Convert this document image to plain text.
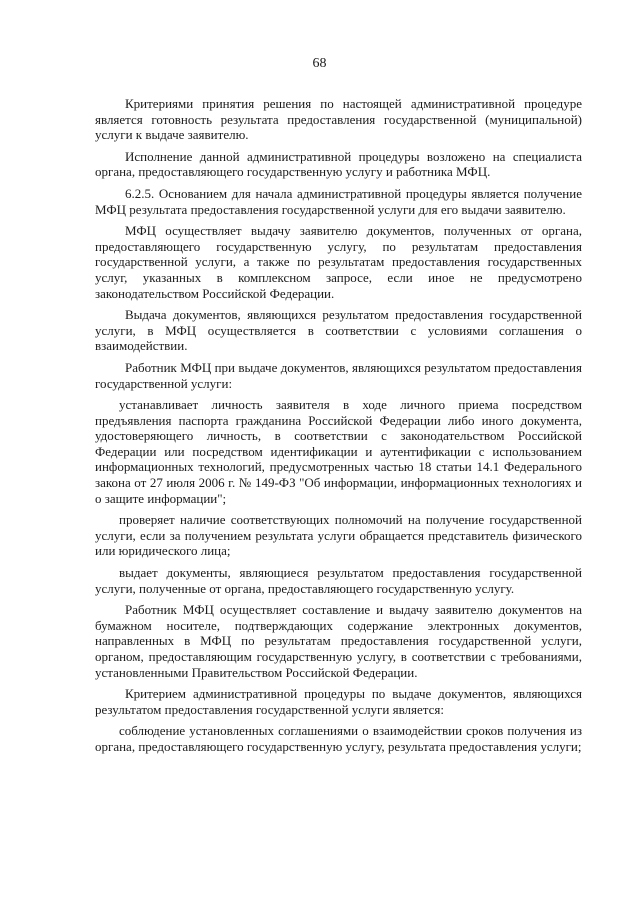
68

Критериями принятия решения по настоящей административной процедуре является готовность результата предоставления государственной (муниципальной) услуги к выдаче заявителю.

Исполнение данной административной процедуры возложено на специалиста органа, предоставляющего государственную услугу и работника МФЦ.

6.2.5. Основанием для начала административной процедуры является получение МФЦ результата предоставления государственной услуги для его выдачи заявителю.

МФЦ осуществляет выдачу заявителю документов, полученных от органа, предоставляющего государственную услугу, по результатам предоставления государственной услуги, а также по результатам предоставления государственных услуг, указанных в комплексном запросе, если иное не предусмотрено законодательством Российской Федерации.

Выдача документов, являющихся результатом предоставления государственной услуги, в МФЦ осуществляется в соответствии с условиями соглашения о взаимодействии.

Работник МФЦ при выдаче документов, являющихся результатом предоставления государственной услуги:

устанавливает личность заявителя в ходе личного приема посредством предъявления паспорта гражданина Российской Федерации либо иного документа, удостоверяющего личность, в соответствии с законодательством Российской Федерации или посредством идентификации и аутентификации с использованием информационных технологий, предусмотренных частью 18 статьи 14.1 Федерального закона от 27 июля 2006 г. № 149-ФЗ "Об информации, информационных технологиях и о защите информации";

проверяет наличие соответствующих полномочий на получение государственной услуги, если за получением результата услуги обращается представитель физического или юридического лица;

выдает документы, являющиеся результатом предоставления государственной услуги, полученные от органа, предоставляющего государственную услугу.

Работник МФЦ осуществляет составление и выдачу заявителю документов на бумажном носителе, подтверждающих содержание электронных документов, направленных в МФЦ по результатам предоставления государственной услуги, органом, предоставляющим государственную услугу, в соответствии с требованиями, установленными Правительством Российской Федерации.

Критерием административной процедуры по выдаче документов, являющихся результатом предоставления государственной услуги является:

соблюдение установленных соглашениями о взаимодействии сроков получения из органа, предоставляющего государственную услугу, результата предоставления услуги;
